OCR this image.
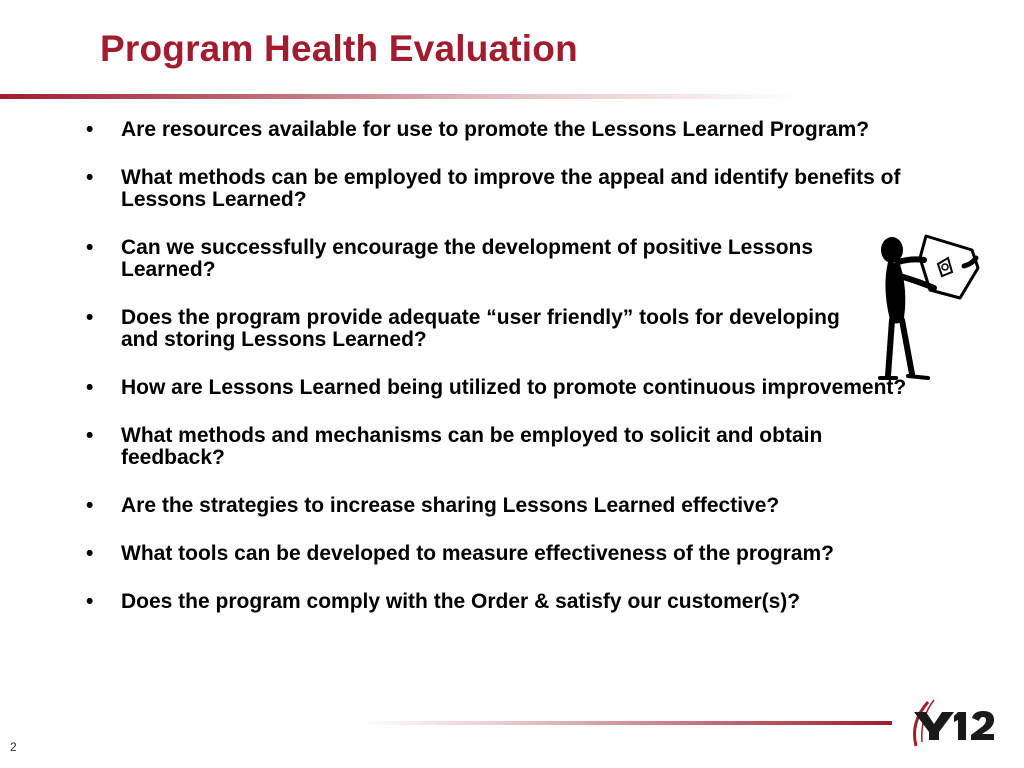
Program Health Evaluation
• Are resources available for use to promote the Lessons Learned Program?
• What methods can be employed to improve the appeal and identify benefits of Lessons Learned?
• Can we successfully encourage the development of positive Lessons Learned?
• Does the program provide adequate “user friendly” tools for developing and storing Lessons Learned?
• How are Lessons Learned being utilized to promote continuous improvement?
• What methods and mechanisms can be employed to solicit and obtain feedback?
• Are the strategies to increase sharing Lessons Learned effective?
• What tools can be developed to measure effectiveness of the program?
• Does the program comply with the Order & satisfy our customer(s)?
2
